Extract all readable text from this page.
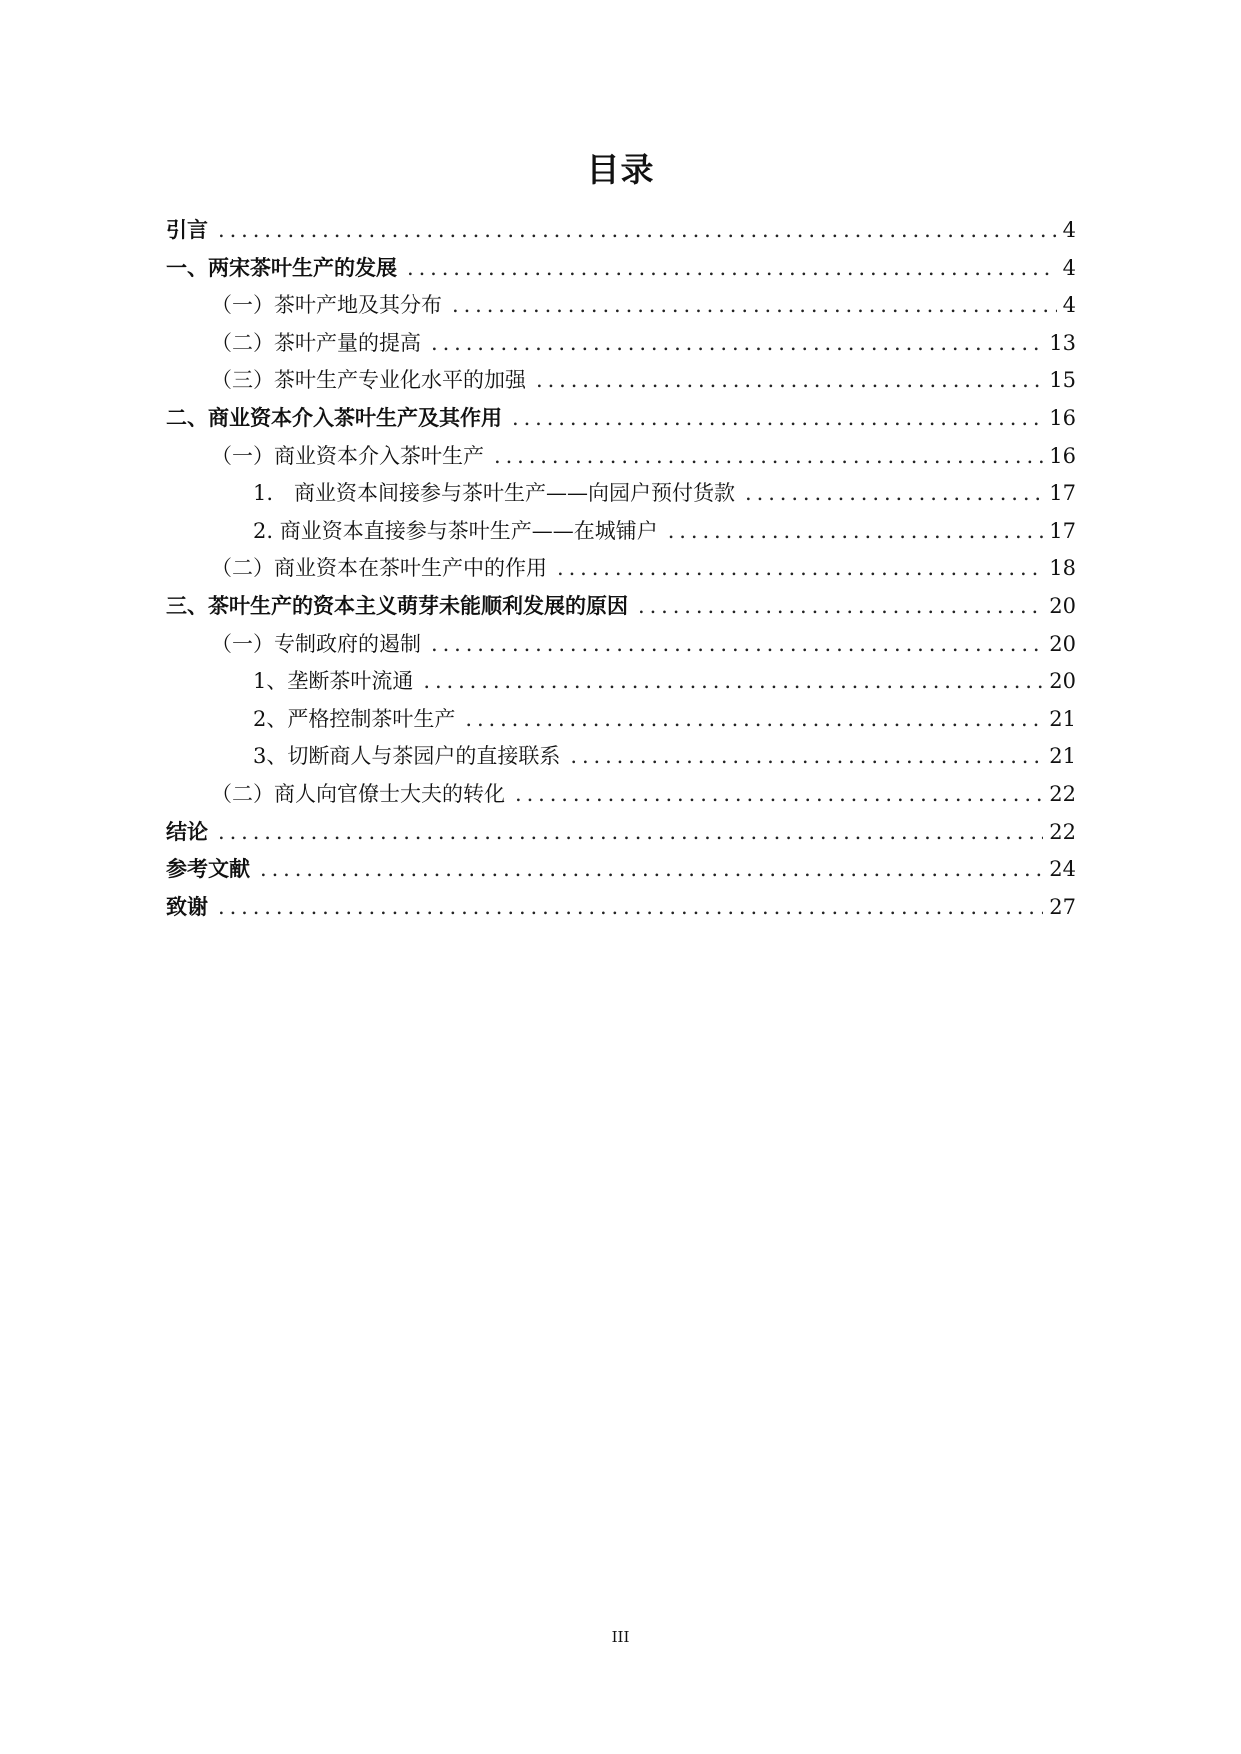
目录
引言 .....	4
一、两宋茶叶生产的发展 .....	4
（一）茶叶产地及其分布 .....	4
（二）茶叶产量的提高 .....	13
（三）茶叶生产专业化水平的加强 .....	15
二、商业资本介入茶叶生产及其作用 .....	16
（一）商业资本介入茶叶生产 .....	16
1.　商业资本间接参与茶叶生产——向园户预付货款 .....	17
2. 商业资本直接参与茶叶生产——在城铺户 .....	17
（二）商业资本在茶叶生产中的作用 .....	18
三、茶叶生产的资本主义萌芽未能顺利发展的原因 .....	20
（一）专制政府的遏制 .....	20
1、垄断茶叶流通 .....	20
2、严格控制茶叶生产 .....	21
3、切断商人与茶园户的直接联系 .....	21
（二）商人向官僚士大夫的转化 .....	22
结论 .....	22
参考文献 .....	24
致谢 .....	27
III
